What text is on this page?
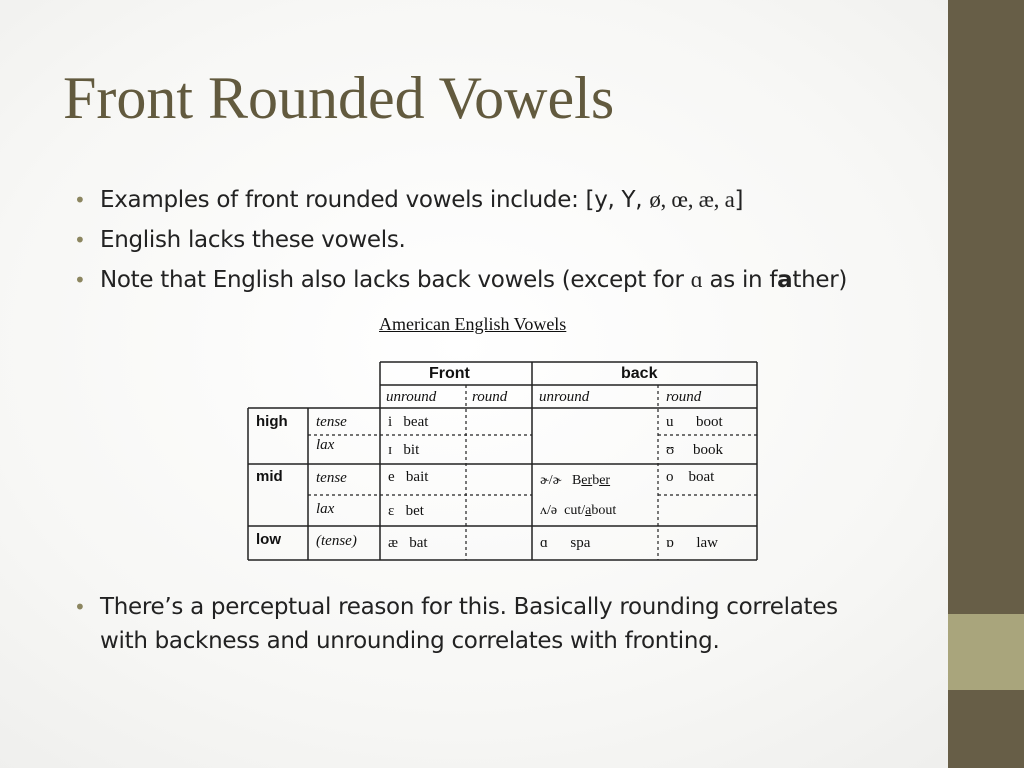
Front Rounded Vowels
• Examples of front rounded vowels include: [y, Y, ø, œ, æ, a]
• English lacks these vowels.
• Note that English also lacks back vowels (except for ɑ as in father)
American English Vowels
Front	back
unround round unround	round
high
mid
low
tense
lax
tense
lax
(tense)
i beat
ɪ bit
e bait
ε bet
æ bat
ɚ/ɚ Berber
ʌ/ə cut/about
ɑ spa
u boot
ʊ book
o boat
ɒ law
• There’s a perceptual reason for this. Basically rounding correlates with backness and unrounding correlates with fronting.
